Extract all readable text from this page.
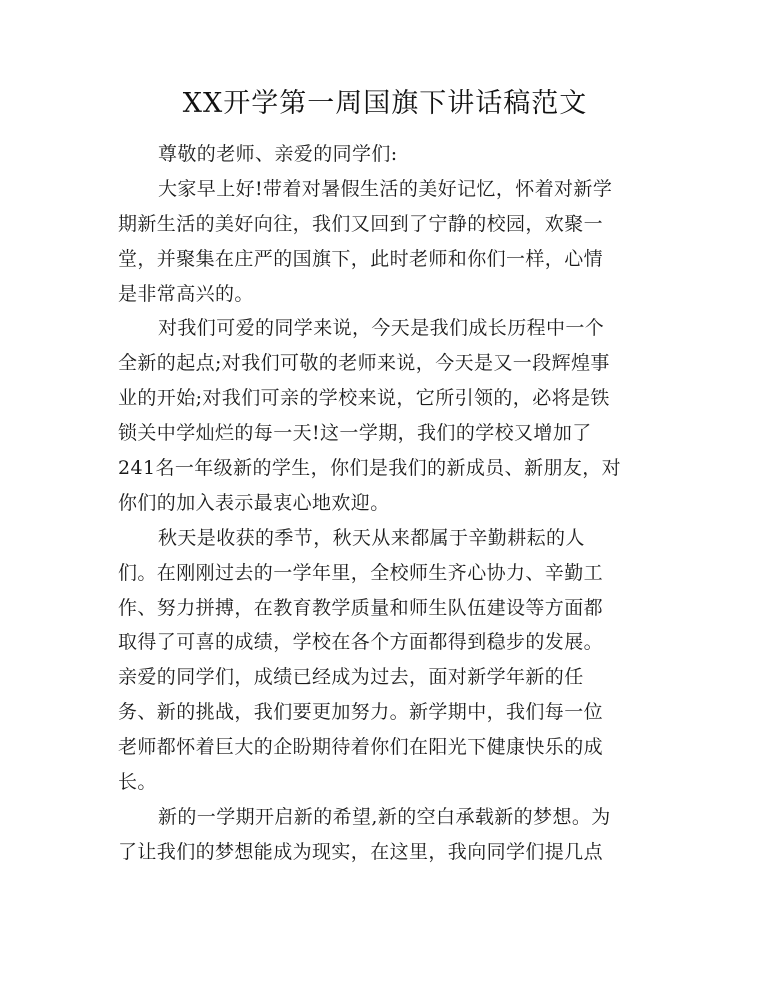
XX开学第一周国旗下讲话稿范文
尊敬的老师、亲爱的同学们:
大家早上好!带着对暑假生活的美好记忆，怀着对新学
期新生活的美好向往，我们又回到了宁静的校园，欢聚一
堂，并聚集在庄严的国旗下，此时老师和你们一样，心情
是非常高兴的。
对我们可爱的同学来说，今天是我们成长历程中一个
全新的起点;对我们可敬的老师来说，今天是又一段辉煌事
业的开始;对我们可亲的学校来说，它所引领的，必将是铁
锁关中学灿烂的每一天!这一学期，我们的学校又增加了
241名一年级新的学生，你们是我们的新成员、新朋友，对
你们的加入表示最衷心地欢迎。
秋天是收获的季节，秋天从来都属于辛勤耕耘的人
们。在刚刚过去的一学年里，全校师生齐心协力、辛勤工
作、努力拼搏，在教育教学质量和师生队伍建设等方面都
取得了可喜的成绩，学校在各个方面都得到稳步的发展。
亲爱的同学们，成绩已经成为过去，面对新学年新的任
务、新的挑战，我们要更加努力。新学期中，我们每一位
老师都怀着巨大的企盼期待着你们在阳光下健康快乐的成
长。
新的一学期开启新的希望,新的空白承载新的梦想。为
了让我们的梦想能成为现实，在这里，我向同学们提几点
